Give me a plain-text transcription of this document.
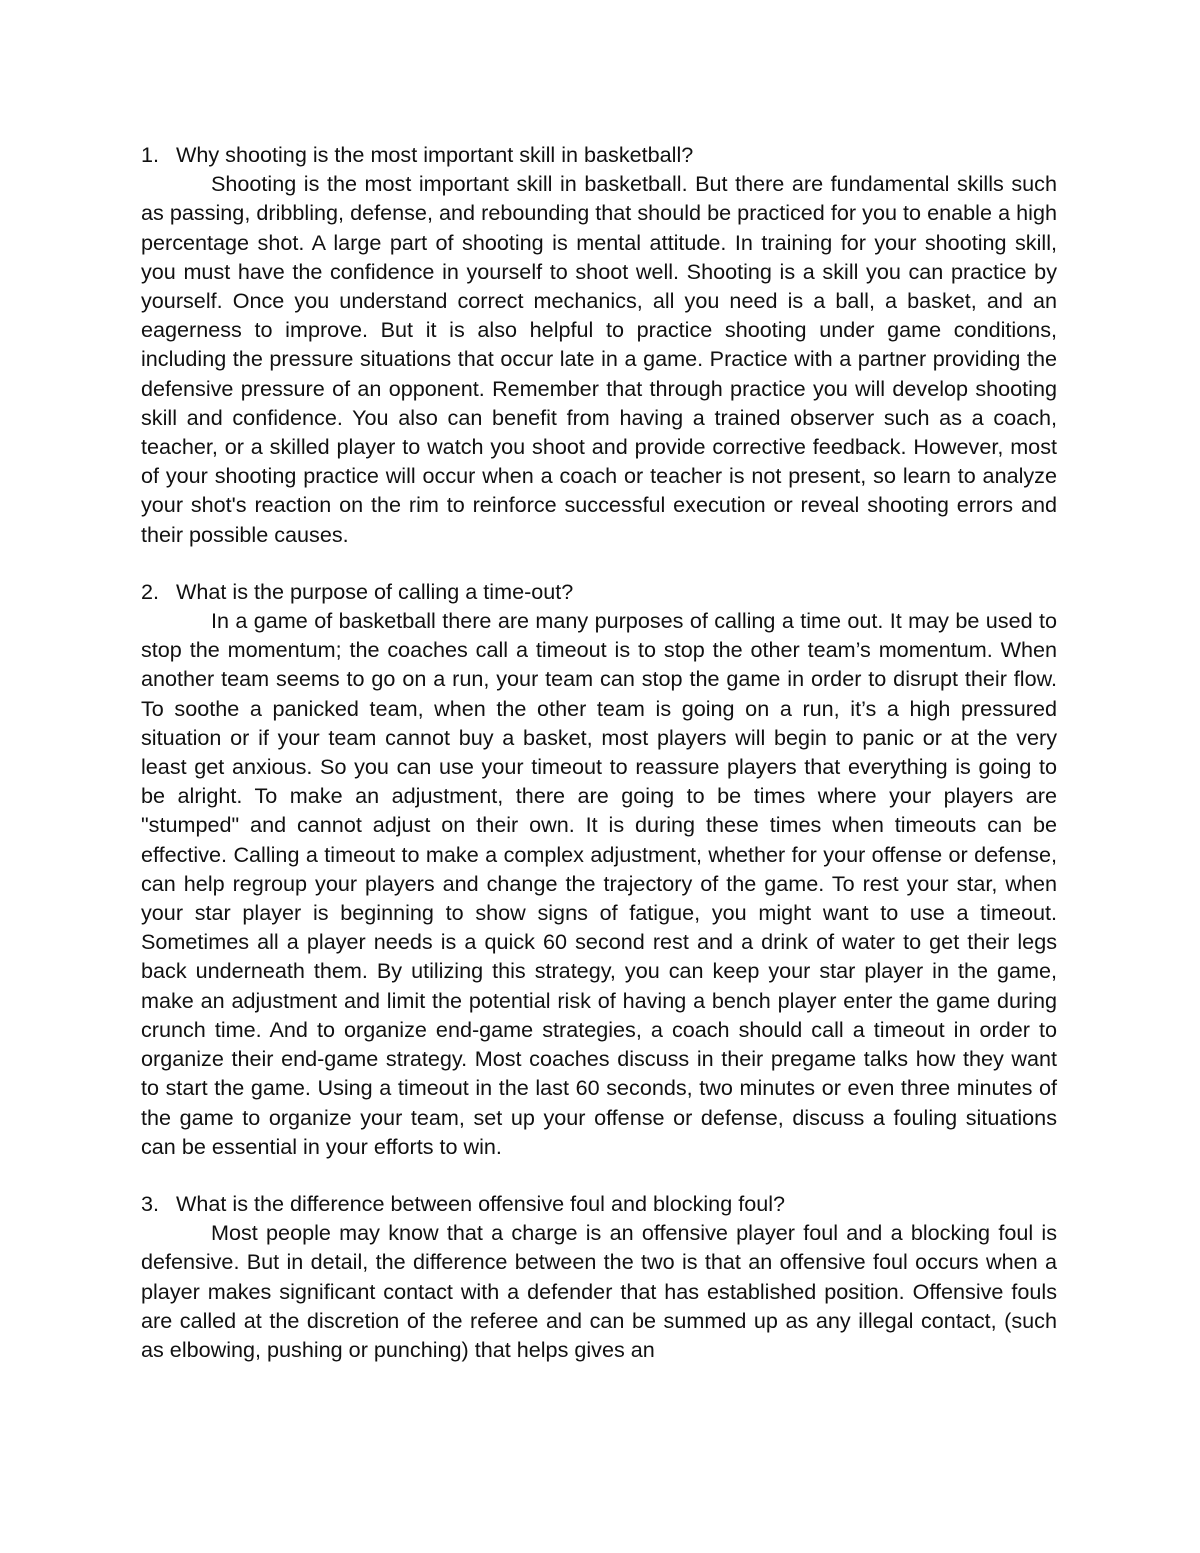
1. Why shooting is the most important skill in basketball?

Shooting is the most important skill in basketball. But there are fundamental skills such as passing, dribbling, defense, and rebounding that should be practiced for you to enable a high percentage shot. A large part of shooting is mental attitude. In training for your shooting skill, you must have the confidence in yourself to shoot well. Shooting is a skill you can practice by yourself. Once you understand correct mechanics, all you need is a ball, a basket, and an eagerness to improve. But it is also helpful to practice shooting under game conditions, including the pressure situations that occur late in a game. Practice with a partner providing the defensive pressure of an opponent. Remember that through practice you will develop shooting skill and confidence. You also can benefit from having a trained observer such as a coach, teacher, or a skilled player to watch you shoot and provide corrective feedback. However, most of your shooting practice will occur when a coach or teacher is not present, so learn to analyze your shot's reaction on the rim to reinforce successful execution or reveal shooting errors and their possible causes.

2. What is the purpose of calling a time-out?

In a game of basketball there are many purposes of calling a time out. It may be used to stop the momentum; the coaches call a timeout is to stop the other team’s momentum. When another team seems to go on a run, your team can stop the game in order to disrupt their flow. To soothe a panicked team, when the other team is going on a run, it’s a high pressured situation or if your team cannot buy a basket, most players will begin to panic or at the very least get anxious. So you can use your timeout to reassure players that everything is going to be alright. To make an adjustment, there are going to be times where your players are "stumped" and cannot adjust on their own. It is during these times when timeouts can be effective. Calling a timeout to make a complex adjustment, whether for your offense or defense, can help regroup your players and change the trajectory of the game. To rest your star, when your star player is beginning to show signs of fatigue, you might want to use a timeout. Sometimes all a player needs is a quick 60 second rest and a drink of water to get their legs back underneath them. By utilizing this strategy, you can keep your star player in the game, make an adjustment and limit the potential risk of having a bench player enter the game during crunch time. And to organize end-game strategies, a coach should call a timeout in order to organize their end-game strategy. Most coaches discuss in their pregame talks how they want to start the game. Using a timeout in the last 60 seconds, two minutes or even three minutes of the game to organize your team, set up your offense or defense, discuss a fouling situations can be essential in your efforts to win.

3. What is the difference between offensive foul and blocking foul?

Most people may know that a charge is an offensive player foul and a blocking foul is defensive. But in detail, the difference between the two is that an offensive foul occurs when a player makes significant contact with a defender that has established position. Offensive fouls are called at the discretion of the referee and can be summed up as any illegal contact, (such as elbowing, pushing or punching) that helps gives an
